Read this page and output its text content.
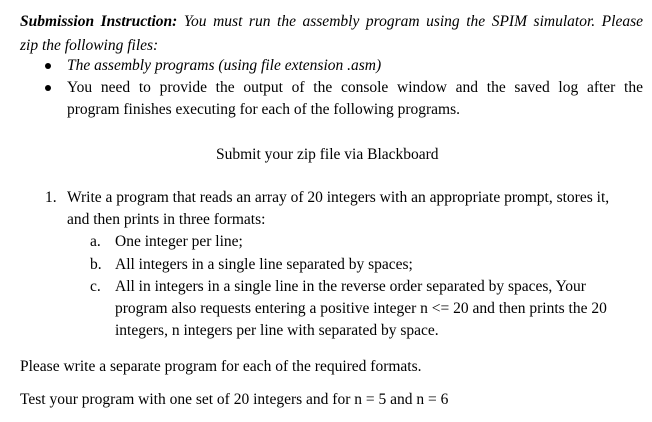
Submission Instruction: You must run the assembly program using the SPIM simulator. Please
zip the following files:
The assembly programs (using file extension .asm)
You need to provide the output of the console window and the saved log after the
program finishes executing for each of the following programs.
Submit your zip file via Blackboard
1. Write a program that reads an array of 20 integers with an appropriate prompt, stores it,
and then prints in three formats:
a. One integer per line;
b. All integers in a single line separated by spaces;
c. All in integers in a single line in the reverse order separated by spaces, Your
program also requests entering a positive integer n <= 20 and then prints the 20
integers, n integers per line with separated by space.
Please write a separate program for each of the required formats.
Test your program with one set of 20 integers and for n = 5 and n = 6
